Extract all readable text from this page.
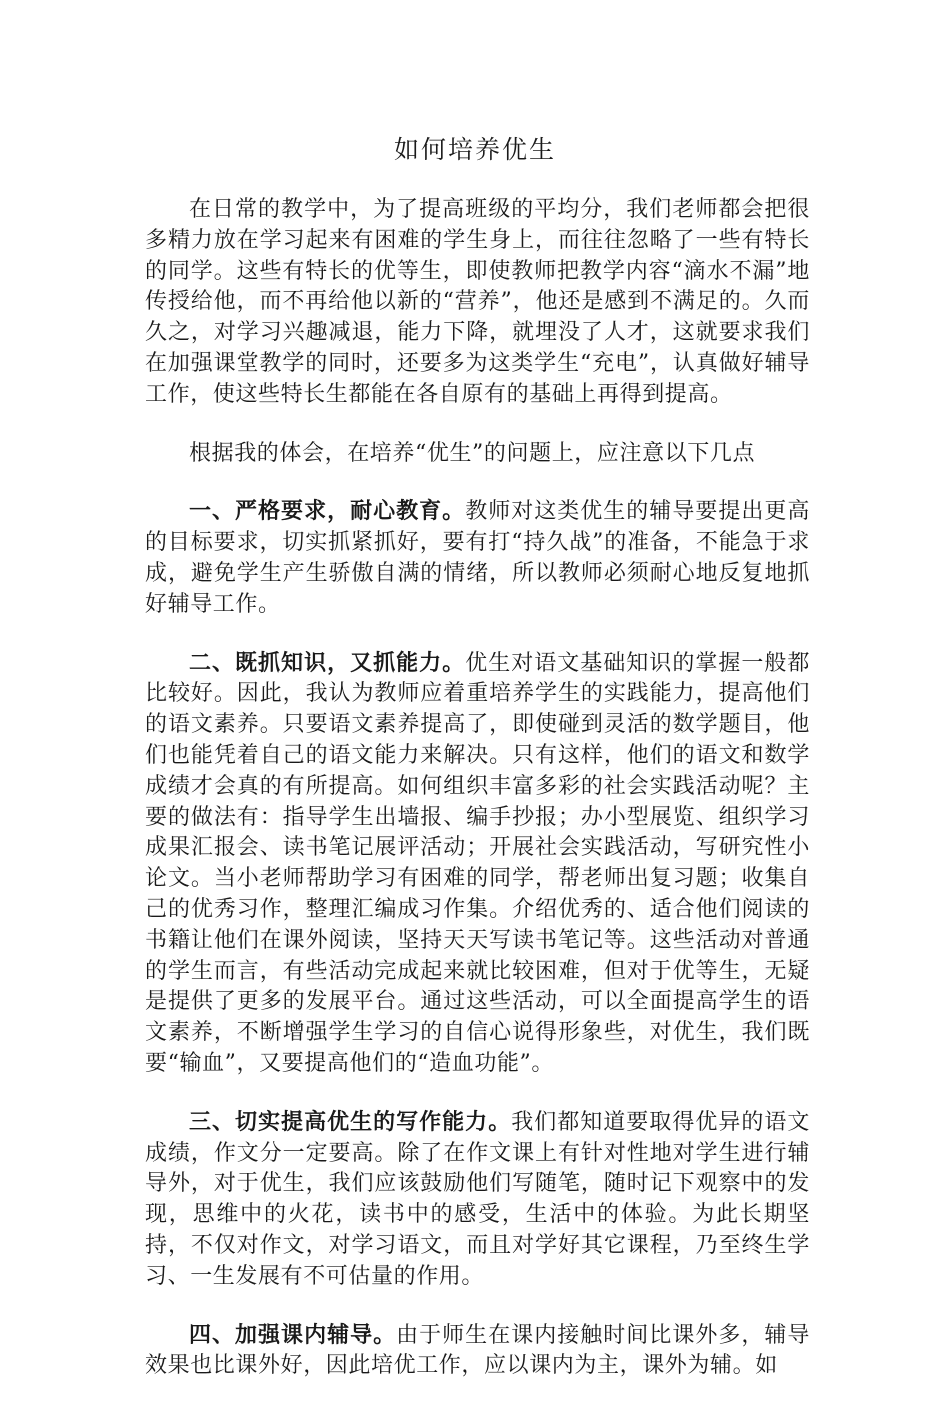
如何培养优生

在日常的教学中，为了提高班级的平均分，我们老师都会把很多精力放在学习起来有困难的学生身上，而往往忽略了一些有特长的同学。这些有特长的优等生，即使教师把教学内容“滴水不漏”地传授给他，而不再给他以新的“营养”，他还是感到不满足的。久而久之，对学习兴趣减退，能力下降，就埋没了人才，这就要求我们在加强课堂教学的同时，还要多为这类学生“充电”，认真做好辅导工作，使这些特长生都能在各自原有的基础上再得到提高。

根据我的体会，在培养“优生”的问题上，应注意以下几点

一、严格要求，耐心教育。教师对这类优生的辅导要提出更高的目标要求，切实抓紧抓好，要有打“持久战”的准备，不能急于求成，避免学生产生骄傲自满的情绪，所以教师必须耐心地反复地抓好辅导工作。

二、既抓知识，又抓能力。优生对语文基础知识的掌握一般都比较好。因此，我认为教师应着重培养学生的实践能力，提高他们的语文素养。只要语文素养提高了，即使碰到灵活的数学题目，他们也能凭着自己的语文能力来解决。只有这样，他们的语文和数学成绩才会真的有所提高。如何组织丰富多彩的社会实践活动呢？主要的做法有：指导学生出墙报、编手抄报；办小型展览、组织学习成果汇报会、读书笔记展评活动；开展社会实践活动，写研究性小论文。当小老师帮助学习有困难的同学，帮老师出复习题；收集自己的优秀习作，整理汇编成习作集。介绍优秀的、适合他们阅读的书籍让他们在课外阅读，坚持天天写读书笔记等。这些活动对普通的学生而言，有些活动完成起来就比较困难，但对于优等生，无疑是提供了更多的发展平台。通过这些活动，可以全面提高学生的语文素养，不断增强学生学习的自信心说得形象些，对优生，我们既要“输血”，又要提高他们的“造血功能”。

三、切实提高优生的写作能力。我们都知道要取得优异的语文成绩，作文分一定要高。除了在作文课上有针对性地对学生进行辅导外，对于优生，我们应该鼓励他们写随笔，随时记下观察中的发现，思维中的火花，读书中的感受，生活中的体验。为此长期坚持，不仅对作文，对学习语文，而且对学好其它课程，乃至终生学习、一生发展有不可估量的作用。

四、加强课内辅导。由于师生在课内接触时间比课外多，辅导效果也比课外好，因此培优工作，应以课内为主，课外为辅。如
